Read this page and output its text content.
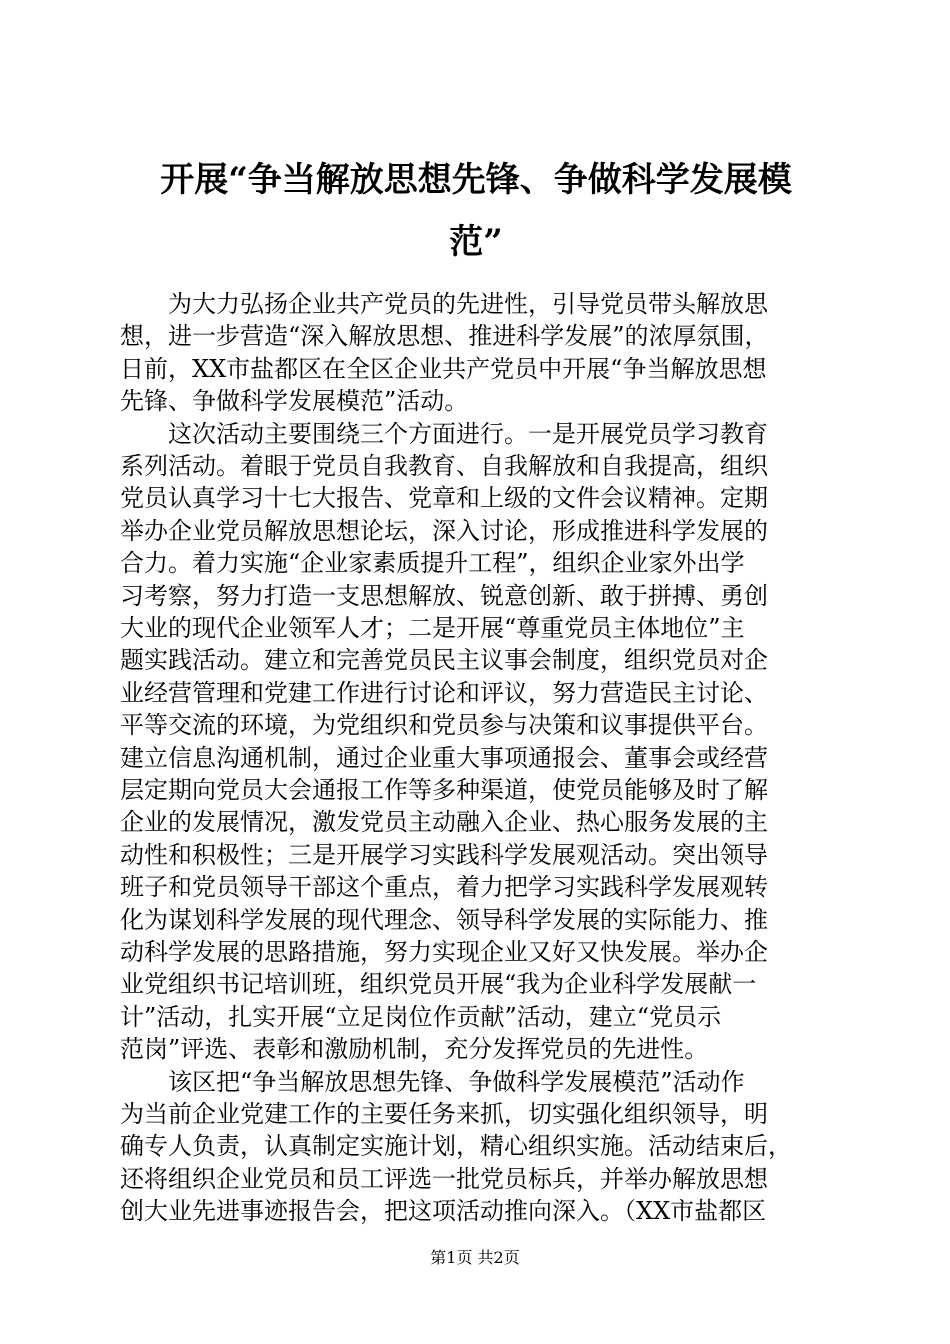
开展“争当解放思想先锋、争做科学发展模
范”

　　为大力弘扬企业共产党员的先进性，引导党员带头解放思

想，进一步营造“深入解放思想、推进科学发展”的浓厚氛围，

日前，XX市盐都区在全区企业共产党员中开展“争当解放思想

先锋、争做科学发展模范”活动。

　　这次活动主要围绕三个方面进行。一是开展党员学习教育

系列活动。着眼于党员自我教育、自我解放和自我提高，组织

党员认真学习十七大报告、党章和上级的文件会议精神。定期

举办企业党员解放思想论坛，深入讨论，形成推进科学发展的

合力。着力实施“企业家素质提升工程”，组织企业家外出学

习考察，努力打造一支思想解放、锐意创新、敢于拼搏、勇创

大业的现代企业领军人才；二是开展“尊重党员主体地位”主

题实践活动。建立和完善党员民主议事会制度，组织党员对企

业经营管理和党建工作进行讨论和评议，努力营造民主讨论、

平等交流的环境，为党组织和党员参与决策和议事提供平台。

建立信息沟通机制，通过企业重大事项通报会、董事会或经营

层定期向党员大会通报工作等多种渠道，使党员能够及时了解

企业的发展情况，激发党员主动融入企业、热心服务发展的主

动性和积极性；三是开展学习实践科学发展观活动。突出领导

班子和党员领导干部这个重点，着力把学习实践科学发展观转

化为谋划科学发展的现代理念、领导科学发展的实际能力、推

动科学发展的思路措施，努力实现企业又好又快发展。举办企

业党组织书记培训班，组织党员开展“我为企业科学发展献一

计”活动，扎实开展“立足岗位作贡献”活动，建立“党员示

范岗”评选、表彰和激励机制，充分发挥党员的先进性。

　　该区把“争当解放思想先锋、争做科学发展模范”活动作

为当前企业党建工作的主要任务来抓，切实强化组织领导，明

确专人负责，认真制定实施计划，精心组织实施。活动结束后，

还将组织企业党员和员工评选一批党员标兵，并举办解放思想

创大业先进事迹报告会，把这项活动推向深入。（XX市盐都区

第1页 共2页
